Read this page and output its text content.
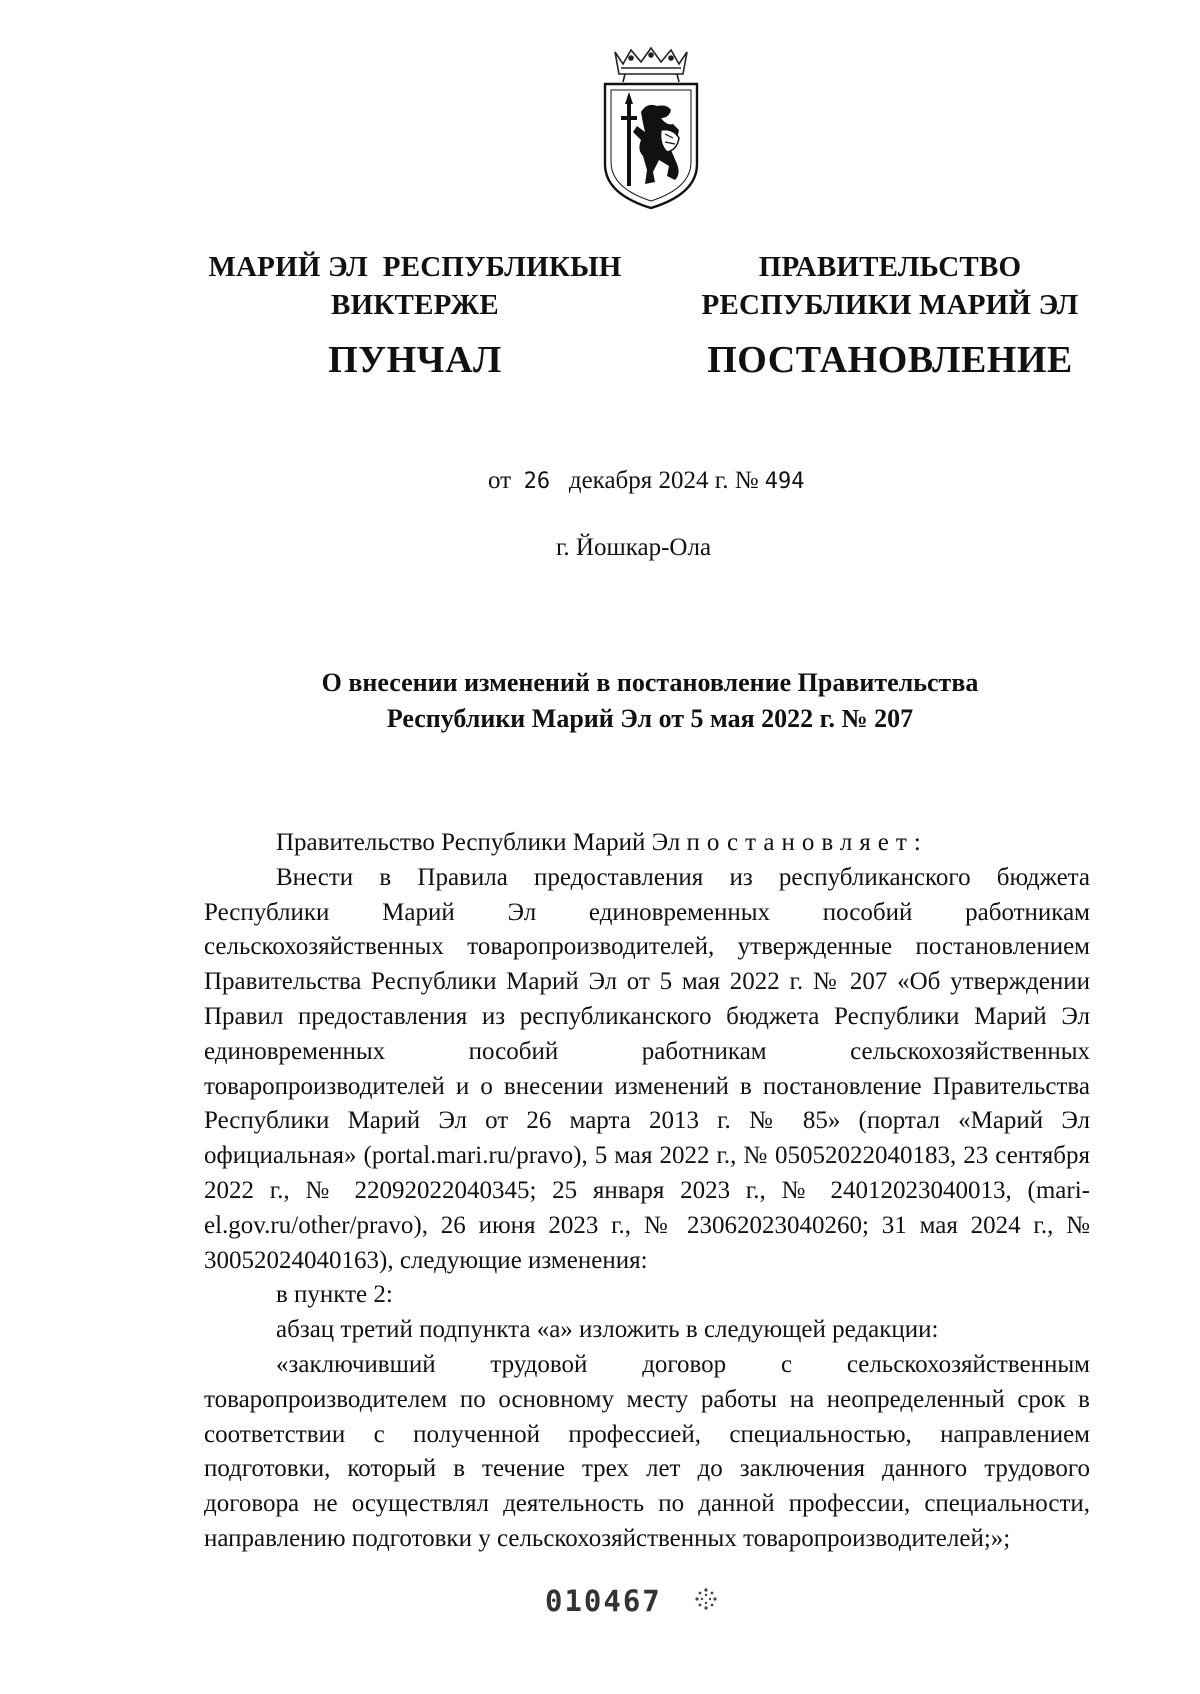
МАРИЙ ЭЛ  РЕСПУБЛИКЫН
ВИКТЕРЖЕ
ПУНЧАЛ
ПРАВИТЕЛЬСТВО
РЕСПУБЛИКИ МАРИЙ ЭЛ
ПОСТАНОВЛЕНИЕ
от 26 декабря 2024 г. № 494
г. Йошкар-Ола
О внесении изменений в постановление Правительства
Республики Марий Эл от 5 мая 2022 г. № 207

Правительство Республики Марий Эл постановляет:

Внести в Правила предоставления из республиканского бюджета Республики Марий Эл единовременных пособий работникам сельскохозяйственных товаропроизводителей, утвержденные постановлением Правительства Республики Марий Эл от 5 мая 2022 г. № 207 «Об утверждении Правил предоставления из республиканского бюджета Республики Марий Эл единовременных пособий работникам сельскохозяйственных товаропроизводителей и о внесении изменений в постановление Правительства Республики Марий Эл от 26 марта 2013 г. № 85» (портал «Марий Эл официальная» (portal.mari.ru/pravo), 5 мая 2022 г., № 05052022040183, 23 сентября 2022 г., № 22092022040345; 25 января 2023 г., № 24012023040013, (mari-el.gov.ru/other/pravo), 26 июня 2023 г., № 23062023040260; 31 мая 2024 г., № 30052024040163), следующие изменения:

в пункте 2:

абзац третий подпункта «а» изложить в следующей редакции:

«заключивший трудовой договор с сельскохозяйственным товаропроизводителем по основному месту работы на неопределенный срок в соответствии с полученной профессией, специальностью, направлением подготовки, который в течение трех лет до заключения данного трудового договора не осуществлял деятельность по данной профессии, специальности, направлению подготовки у сельскохозяйственных товаропроизводителей;»;

010467
